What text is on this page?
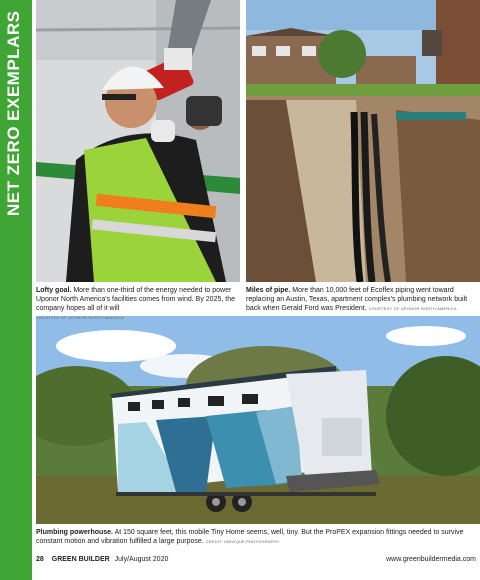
NET ZERO EXEMPLARS
Lofty goal. More than one-third of the energy needed to power Uponor North America's facilities comes from wind. By 2025, the company hopes all of it will
COURTESY OF UPONOR NORTH AMERICA
Miles of pipe. More than 10,000 feet of Ecoflex piping went toward replacing an Austin, Texas, apartment complex's plumbing network built back when Gerald Ford was President. COURTESY OF UPONOR NORTH AMERICA
Plumbing powerhouse. At 150 square feet, this mobile Tiny Home seems, well, tiny. But the ProPEX expansion fittings needed to survive constant motion and vibration fulfilled a large purpose. CREDIT: UNIVIQUE PHOTOGRAPHY
28 GREEN BUILDER July/August 2020	www.greenbuildermedia.com
